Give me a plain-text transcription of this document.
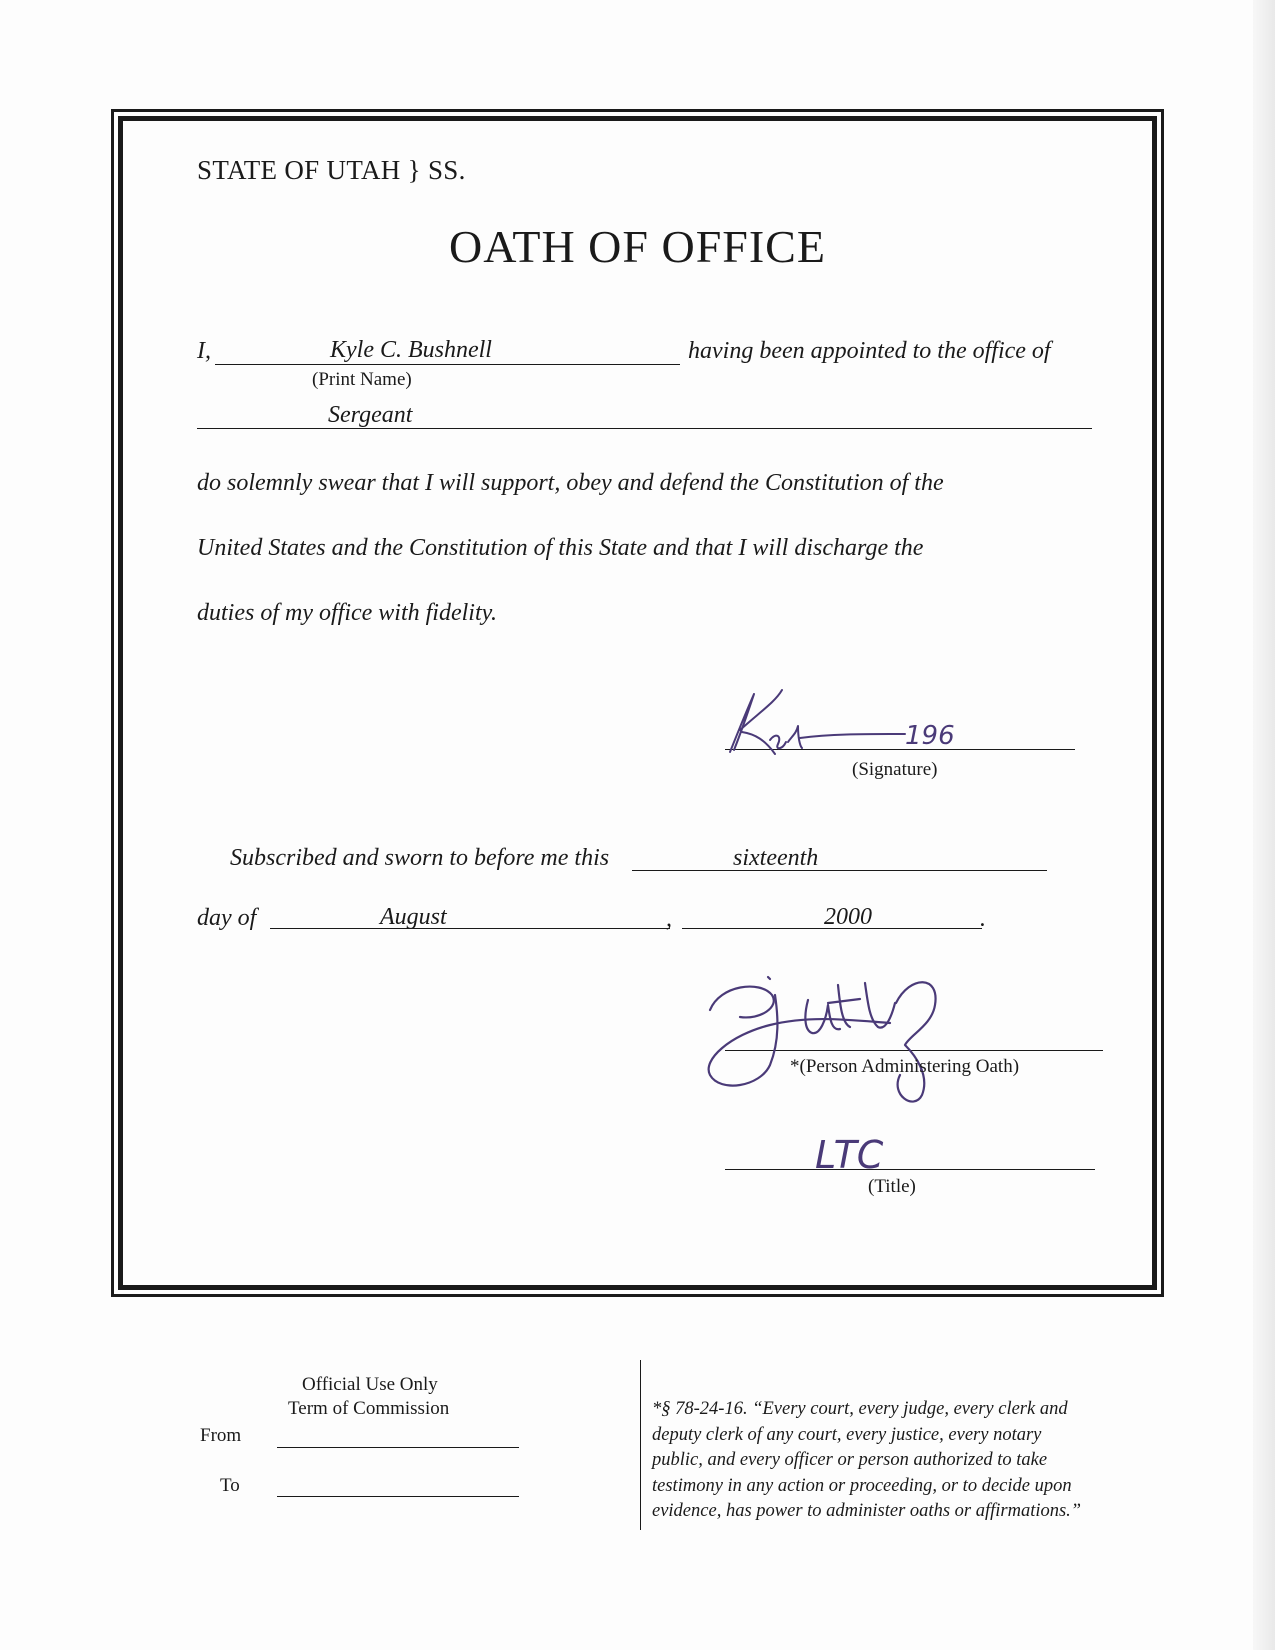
STATE OF UTAH } SS.
OATH OF OFFICE
I,	Kyle C. Bushnell
(Print Name)
having been appointed to the office of
Sergeant
do solemnly swear that I will support, obey and defend the Constitution of the
United States and the Constitution of this State and that I will discharge the
duties of my office with fidelity.
196
(Signature)
Subscribed and sworn to before me this	sixteenth
day of	August	,	2000	.
*(Person Administering Oath)
LTC
(Title)
Official Use Only
Term of Commission
From
To
*§ 78-24-16. “Every court, every judge, every clerk and
deputy clerk of any court, every justice, every notary
public, and every officer or person authorized to take
testimony in any action or proceeding, or to decide upon
evidence, has power to administer oaths or affirmations.”
